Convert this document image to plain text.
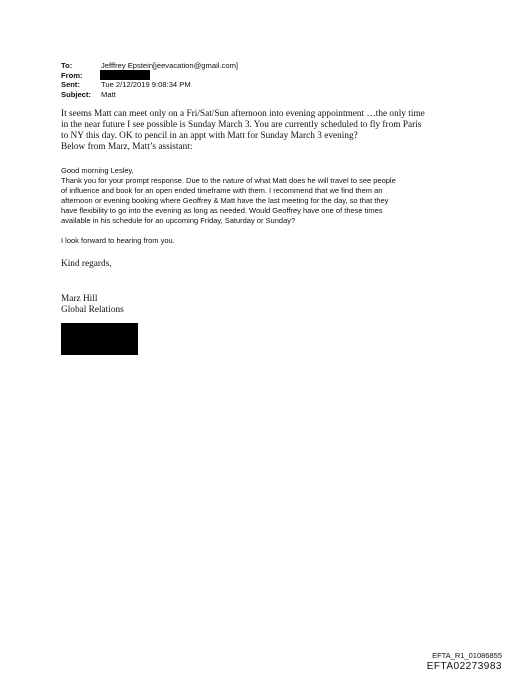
To:	Jefffrey Epstein[jeevacation@gmail.com]
From:
Sent:	Tue 2/12/2019 9:08:34 PM
Subject:	Matt
It seems Matt can meet only on a Fri/Sat/Sun afternoon into evening appointment …the only time
in the near future I see possible is Sunday March 3. You are currently scheduled to fly from Paris
to NY this day. OK to pencil in an appt with Matt for Sunday March 3 evening?
Below from Marz, Matt’s assistant:
Good morning Lesley,
Thank you for your prompt response. Due to the nature of what Matt does he will travel to see people
of influence and book for an open ended timeframe with them. I recommend that we find them an
afternoon or evening booking where Geoffrey & Matt have the last meeting for the day, so that they
have flexibility to go into the evening as long as needed. Would Geoffrey have one of these times
available in his schedule for an upcoming Friday, Saturday or Sunday?
I look forward to hearing from you.
Kind regards,
Marz Hill
Global Relations
EFTA_R1_01086855
EFTA02273983
